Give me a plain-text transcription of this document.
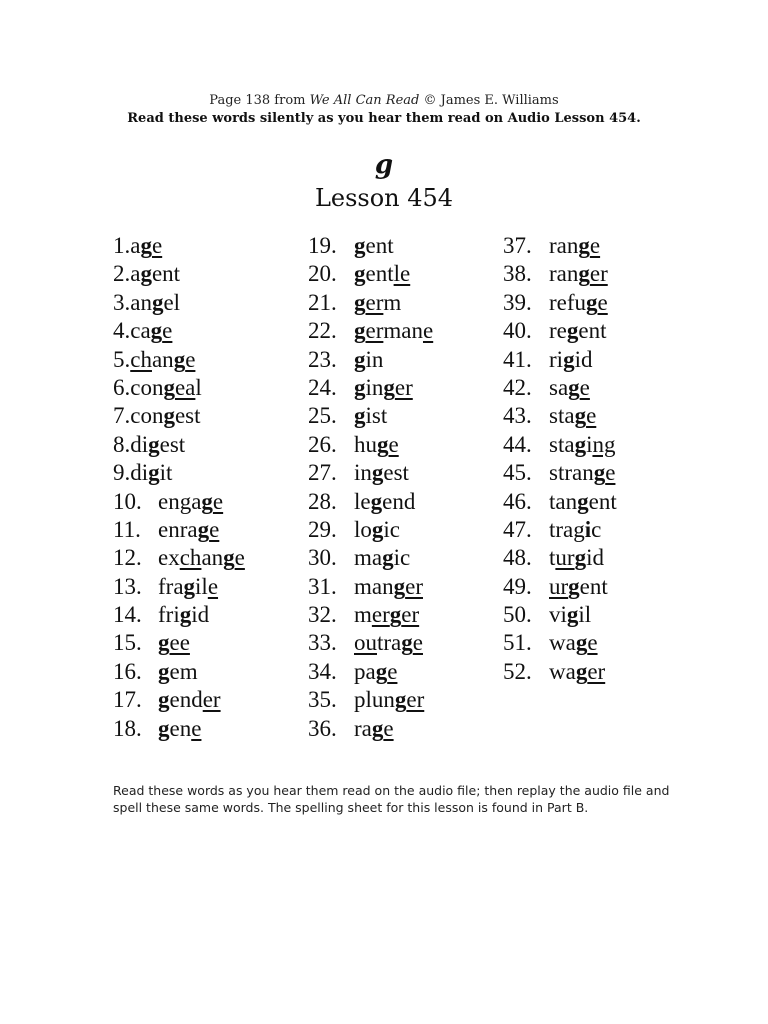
Page 138 from We All Can Read © James E. Williams
Read these words silently as you hear them read on Audio Lesson 454.
g
Lesson 454
1.age
2.agent
3.angel
4.cage
5.change
6.congeal
7.congest
8.digest
9.digit
10. engage
11. enrage
12. exchange
13. fragile
14. frigid
15. gee
16. gem
17. gender
18. gene
19. gent
20. gentle
21. germ
22. germane
23. gin
24. ginger
25. gist
26. huge
27. ingest
28. legend
29. logic
30. magic
31. manger
32. merger
33. outrage
34. page
35. plunger
36. rage
37. range
38. ranger
39. refuge
40. regent
41. rigid
42. sage
43. stage
44. staging
45. strange
46. tangent
47. tragic
48. turgid
49. urgent
50. vigil
51. wage
52. wager
Read these words as you hear them read on the audio file; then replay the audio file and spell these same words. The spelling sheet for this lesson is found in Part B.
